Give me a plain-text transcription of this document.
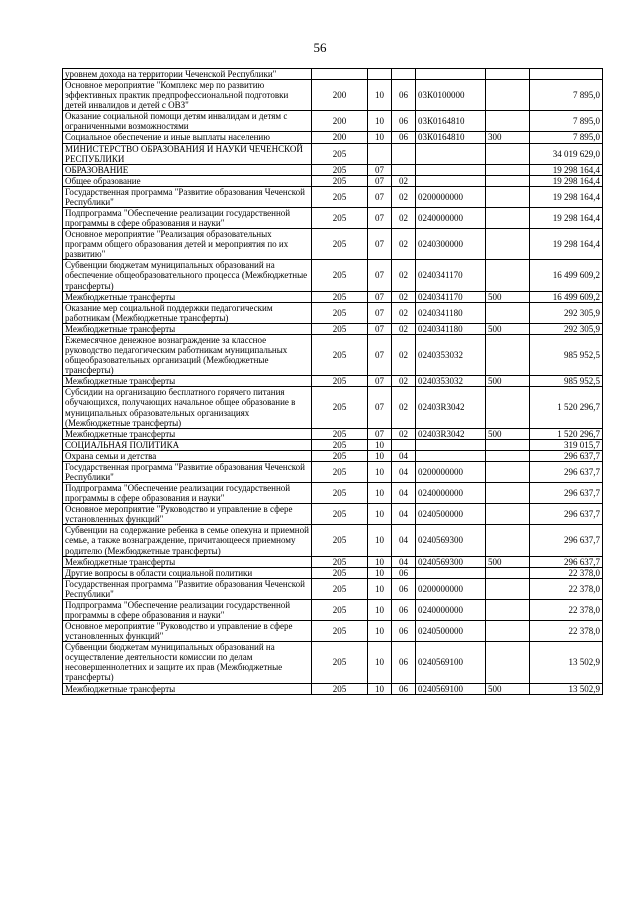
56
уровнем дохода на территории Чеченской Республики"						
Основное мероприятие "Комплекс мер по развитию эффективных практик предпрофессиональной подготовки детей инвалидов и детей с ОВЗ"	200	10	06	03К0100000		7 895,0
Оказание социальной помощи детям инвалидам и детям с ограниченными возможностями	200	10	06	03К0164810		7 895,0
Социальное обеспечение и иные выплаты населению	200	10	06	03К0164810	300	7 895,0
МИНИСТЕРСТВО ОБРАЗОВАНИЯ И НАУКИ ЧЕЧЕНСКОЙ РЕСПУБЛИКИ	205					34 019 629,0
ОБРАЗОВАНИЕ	205	07				19 298 164,4
Общее образование	205	07	02			19 298 164,4
Государственная программа "Развитие образования Чеченской Республики"	205	07	02	0200000000		19 298 164,4
Подпрограмма "Обеспечение реализации государственной программы в сфере образования и науки"	205	07	02	0240000000		19 298 164,4
Основное мероприятие "Реализация образовательных программ общего образования детей и мероприятия по их развитию"	205	07	02	0240300000		19 298 164,4
Субвенции бюджетам муниципальных образований на обеспечение общеобразовательного процесса (Межбюджетные трансферты)	205	07	02	0240341170		16 499 609,2
Межбюджетные трансферты	205	07	02	0240341170	500	16 499 609,2
Оказание мер социальной поддержки педагогическим работникам (Межбюджетные трансферты)	205	07	02	0240341180		292 305,9
Межбюджетные трансферты	205	07	02	0240341180	500	292 305,9
Ежемесячное денежное вознаграждение за классное руководство педагогическим работникам муниципальных общеобразовательных организаций (Межбюджетные трансферты)	205	07	02	0240353032		985 952,5
Межбюджетные трансферты	205	07	02	0240353032	500	985 952,5
Субсидии на организацию бесплатного горячего питания обучающихся, получающих начальное общее образование в муниципальных образовательных организациях (Межбюджетные трансферты)	205	07	02	02403R3042		1 520 296,7
Межбюджетные трансферты	205	07	02	02403R3042	500	1 520 296,7
СОЦИАЛЬНАЯ ПОЛИТИКА	205	10				319 015,7
Охрана семьи и детства	205	10	04			296 637,7
Государственная программа "Развитие образования Чеченской Республики"	205	10	04	0200000000		296 637,7
Подпрограмма "Обеспечение реализации государственной программы в сфере образования и науки"	205	10	04	0240000000		296 637,7
Основное мероприятие "Руководство и управление в сфере установленных функций"	205	10	04	0240500000		296 637,7
Субвенции на содержание ребенка в семье опекуна и приемной семье, а также вознаграждение, причитающееся приемному родителю (Межбюджетные трансферты)	205	10	04	0240569300		296 637,7
Межбюджетные трансферты	205	10	04	0240569300	500	296 637,7
Другие вопросы в области социальной политики	205	10	06			22 378,0
Государственная программа "Развитие образования Чеченской Республики"	205	10	06	0200000000		22 378,0
Подпрограмма "Обеспечение реализации государственной программы в сфере образования и науки"	205	10	06	0240000000		22 378,0
Основное мероприятие "Руководство и управление в сфере установленных функций"	205	10	06	0240500000		22 378,0
Субвенции бюджетам муниципальных образований на осуществление деятельности комиссии по делам несовершеннолетних и защите их прав (Межбюджетные трансферты)	205	10	06	0240569100		13 502,9
Межбюджетные трансферты	205	10	06	0240569100	500	13 502,9
